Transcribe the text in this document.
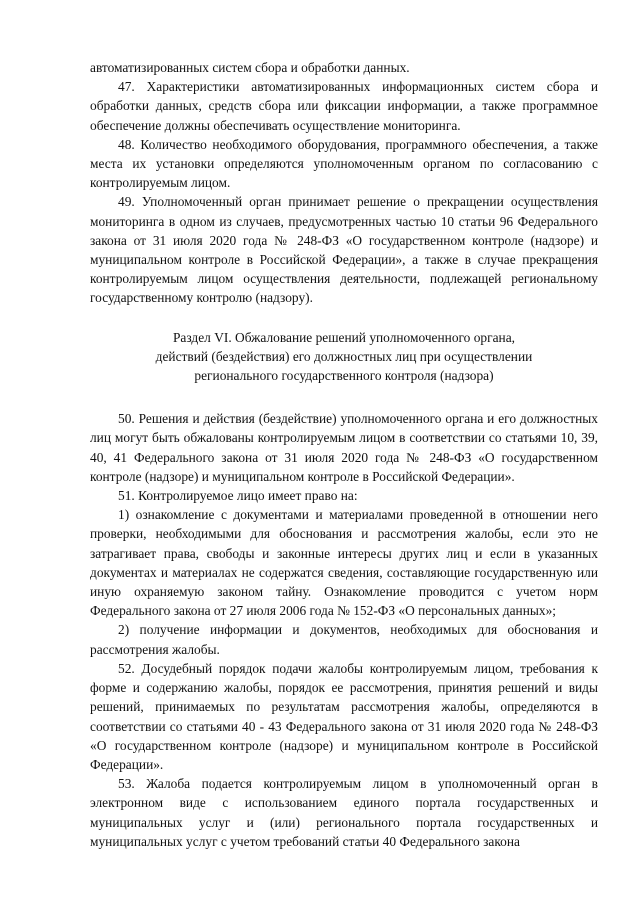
автоматизированных систем сбора и обработки данных.

47. Характеристики автоматизированных информационных систем сбора и обработки данных, средств сбора или фиксации информации, а также программное обеспечение должны обеспечивать осуществление мониторинга.

48. Количество необходимого оборудования, программного обеспечения, а также места их установки определяются уполномоченным органом по согласованию с контролируемым лицом.

49. Уполномоченный орган принимает решение о прекращении осуществления мониторинга в одном из случаев, предусмотренных частью 10 статьи 96 Федерального закона от 31 июля 2020 года № 248-ФЗ «О государственном контроле (надзоре) и муниципальном контроле в Российской Федерации», а также в случае прекращения контролируемым лицом осуществления деятельности, подлежащей региональному государственному контролю (надзору).

Раздел VI. Обжалование решений уполномоченного органа,
действий (бездействия) его должностных лиц при осуществлении
регионального государственного контроля (надзора)

50. Решения и действия (бездействие) уполномоченного органа и его должностных лиц могут быть обжалованы контролируемым лицом в соответствии со статьями 10, 39, 40, 41 Федерального закона от 31 июля 2020 года № 248-ФЗ «О государственном контроле (надзоре) и муниципальном контроле в Российской Федерации».

51. Контролируемое лицо имеет право на:

1) ознакомление с документами и материалами проведенной в отношении него проверки, необходимыми для обоснования и рассмотрения жалобы, если это не затрагивает права, свободы и законные интересы других лиц и если в указанных документах и материалах не содержатся сведения, составляющие государственную или иную охраняемую законом тайну. Ознакомление проводится с учетом норм Федерального закона от 27 июля 2006 года № 152-ФЗ «О персональных данных»;

2) получение информации и документов, необходимых для обоснования и рассмотрения жалобы.

52. Досудебный порядок подачи жалобы контролируемым лицом, требования к форме и содержанию жалобы, порядок ее рассмотрения, принятия решений и виды решений, принимаемых по результатам рассмотрения жалобы, определяются в соответствии со статьями 40 - 43 Федерального закона от 31 июля 2020 года № 248-ФЗ «О государственном контроле (надзоре) и муниципальном контроле в Российской Федерации».

53. Жалоба подается контролируемым лицом в уполномоченный орган в электронном виде с использованием единого портала государственных и муниципальных услуг и (или) регионального портала государственных и муниципальных услуг с учетом требований статьи 40 Федерального закона
